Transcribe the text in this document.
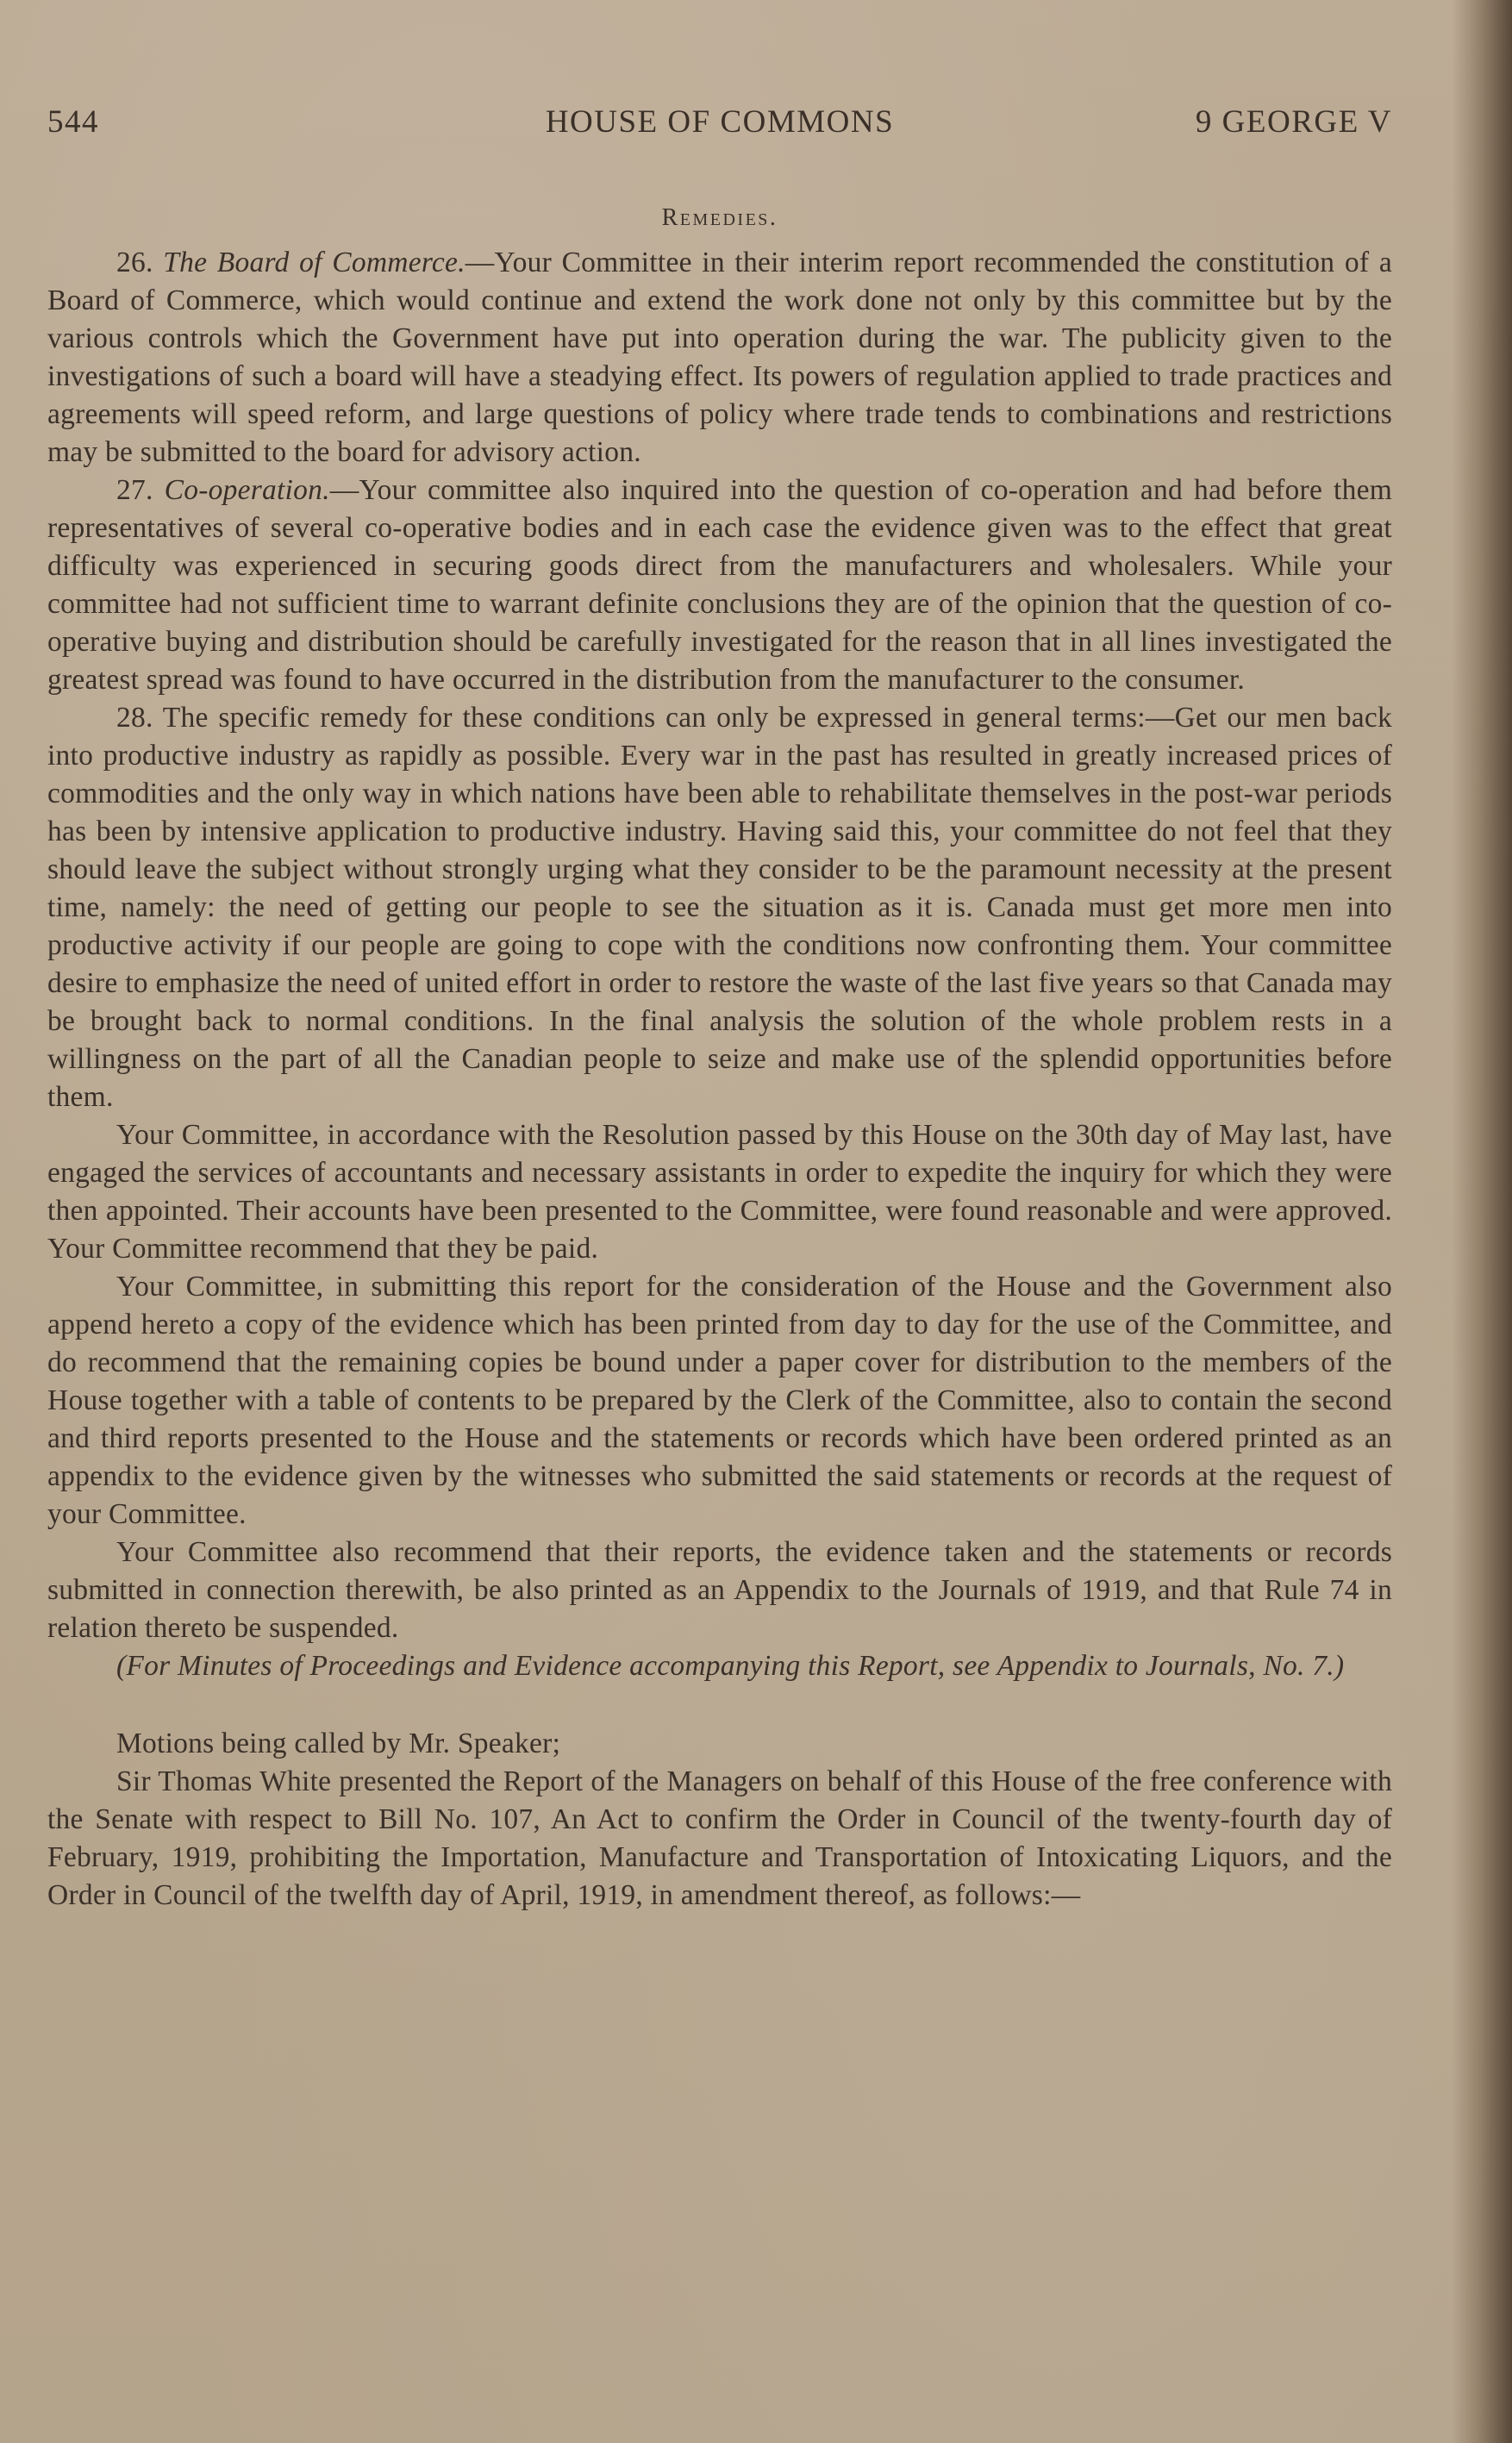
544	HOUSE OF COMMONS	9 GEORGE V
Remedies.

26. The Board of Commerce.—Your Committee in their interim report recommended the constitution of a Board of Commerce, which would continue and extend the work done not only by this committee but by the various controls which the Government have put into operation during the war. The publicity given to the investigations of such a board will have a steadying effect. Its powers of regulation applied to trade practices and agreements will speed reform, and large questions of policy where trade tends to combinations and restrictions may be submitted to the board for advisory action.

27. Co-operation.—Your committee also inquired into the question of co-operation and had before them representatives of several co-operative bodies and in each case the evidence given was to the effect that great difficulty was experienced in securing goods direct from the manufacturers and wholesalers. While your committee had not sufficient time to warrant definite conclusions they are of the opinion that the question of co-operative buying and distribution should be carefully investigated for the reason that in all lines investigated the greatest spread was found to have occurred in the distribution from the manufacturer to the consumer.

28. The specific remedy for these conditions can only be expressed in general terms:—Get our men back into productive industry as rapidly as possible. Every war in the past has resulted in greatly increased prices of commodities and the only way in which nations have been able to rehabilitate themselves in the post-war periods has been by intensive application to productive industry. Having said this, your committee do not feel that they should leave the subject without strongly urging what they consider to be the paramount necessity at the present time, namely: the need of getting our people to see the situation as it is. Canada must get more men into productive activity if our people are going to cope with the conditions now confronting them. Your committee desire to emphasize the need of united effort in order to restore the waste of the last five years so that Canada may be brought back to normal conditions. In the final analysis the solution of the whole problem rests in a willingness on the part of all the Canadian people to seize and make use of the splendid opportunities before them.

Your Committee, in accordance with the Resolution passed by this House on the 30th day of May last, have engaged the services of accountants and necessary assistants in order to expedite the inquiry for which they were then appointed. Their accounts have been presented to the Committee, were found reasonable and were approved. Your Committee recommend that they be paid.

Your Committee, in submitting this report for the consideration of the House and the Government also append hereto a copy of the evidence which has been printed from day to day for the use of the Committee, and do recommend that the remaining copies be bound under a paper cover for distribution to the members of the House together with a table of contents to be prepared by the Clerk of the Committee, also to contain the second and third reports presented to the House and the statements or records which have been ordered printed as an appendix to the evidence given by the witnesses who submitted the said statements or records at the request of your Committee.

Your Committee also recommend that their reports, the evidence taken and the statements or records submitted in connection therewith, be also printed as an Appendix to the Journals of 1919, and that Rule 74 in relation thereto be suspended.

(For Minutes of Proceedings and Evidence accompanying this Report, see Appendix to Journals, No. 7.)

Motions being called by Mr. Speaker;

Sir Thomas White presented the Report of the Managers on behalf of this House of the free conference with the Senate with respect to Bill No. 107, An Act to confirm the Order in Council of the twenty-fourth day of February, 1919, prohibiting the Importation, Manufacture and Transportation of Intoxicating Liquors, and the Order in Council of the twelfth day of April, 1919, in amendment thereof, as follows:—
